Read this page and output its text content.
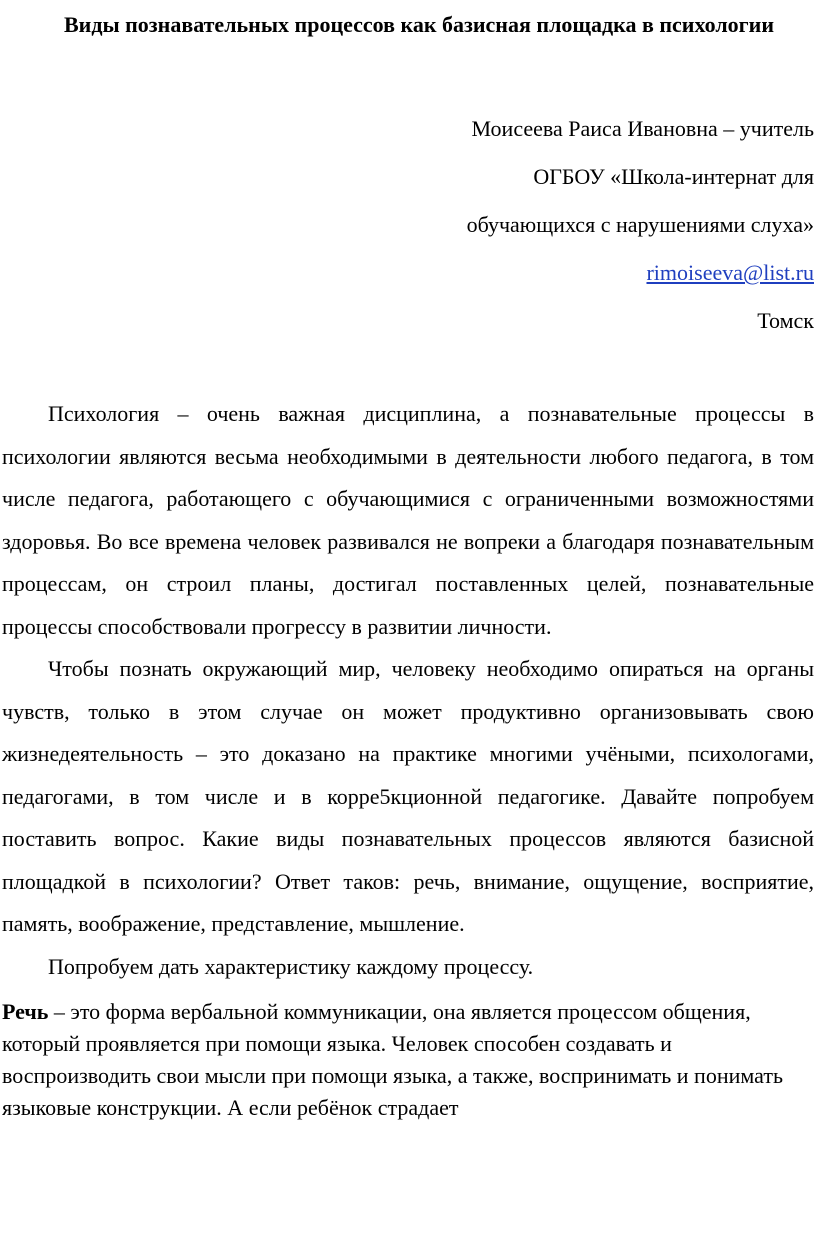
Виды познавательных процессов как базисная площадка в психологии
Моисеева Раиса Ивановна – учитель
ОГБОУ «Школа-интернат для
обучающихся с нарушениями слуха»
rimoiseeva@list.ru
Томск

Психология – очень важная дисциплина, а познавательные процессы в психологии являются весьма необходимыми в деятельности любого педагога, в том числе педагога, работающего с обучающимися с ограниченными возможностями здоровья. Во все времена человек развивался не вопреки а благодаря познавательным процессам, он строил планы, достигал поставленных целей, познавательные процессы способствовали прогрессу в развитии личности.

Чтобы познать окружающий мир, человеку необходимо опираться на органы чувств, только в этом случае он может продуктивно организовывать свою жизнедеятельность – это доказано на практике многими учёными, психологами, педагогами, в том числе и в корре5кционной педагогике. Давайте попробуем поставить вопрос. Какие виды познавательных процессов являются базисной площадкой в психологии? Ответ таков: речь, внимание, ощущение, восприятие, память, воображение, представление, мышление.

Попробуем дать характеристику каждому процессу.

Речь – это форма вербальной коммуникации, она является процессом общения, который проявляется при помощи языка. Человек способен создавать и воспроизводить свои мысли при помощи языка, а также, воспринимать и понимать языковые конструкции. А если ребёнок страдает
